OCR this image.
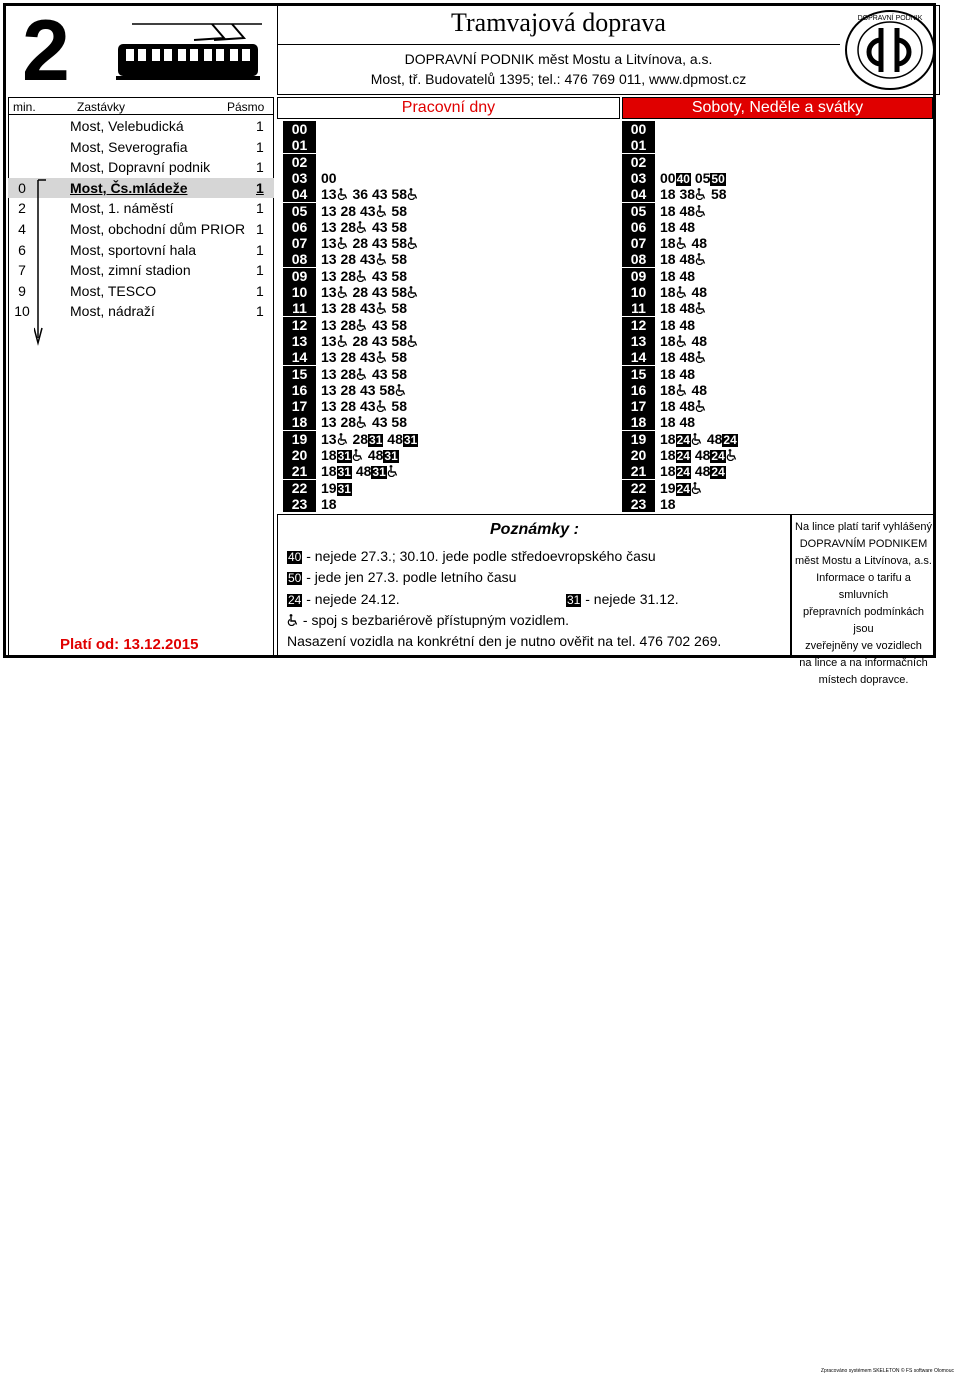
2	Tramvajová doprava
DOPRAVNÍ PODNIK měst Mostu a Litvínova, a.s.
Most, tř. Budovatelů 1395; tel.: 476 769 011, www.dpmost.cz
DOPRAVNÍ PODNIK
min.	Zastávky	Pásmo
Most, Velebudická	1
Most, Severografia	1
Most, Dopravní podnik	1
0	Most, Čs.mládeže	1
2	Most, 1. náměstí	1
4	Most, obchodní dům PRIOR 1
6	Most, sportovní hala	1
7	Most, zimní stadion	1
9	Most, TESCO	1
10	Most, nádraží	1
Platí od: 13.12.2015
Pracovní dny	Soboty, Neděle a svátky
00
01
02
03 00
04 13 36 43 58
05 13 28 43 58
06 13 28 43 58
07 13 28 43 58
08 13 28 43 58
09 13 28 43 58
10 13 28 43 58
11	13 28 43 58
12 13 28 43 58
13 13 28 43 58
14 13 28 43 58
15 13 28 43 58
16 13 28 43 58
17 13 28 43 58
18 13 28 43 58
19 13 2831 4831
20 1831 4831
21 1831 4831
22 1931
23 18
00
01
02
03 0040 0550
04 18 38 58
05 18 48
06 18 48
07 18 48
08 18 48
09 18 48
10 18 48
11	18 48
12 18 48
13 18 48
14 18 48
15 18 48
16 18 48
17 18 48
18 18 48
19 1824 4824
20 1824 4824
21 1824 4824
22 1924
23 18
Poznámky :
40 - nejede 27.3.; 30.10. jede podle středoevropského času
50 - jede jen 27.3. podle letního času
24 - nejede 24.12.	31 - nejede 31.12.
- spoj s bezbariérově přístupným vozidlem.
Nasazení vozidla na konkrétní den je nutno ověřit na tel. 476 702 269.
Na lince platí tarif vyhlášený
DOPRAVNÍM PODNIKEM
měst Mostu a Litvínova, a.s.
Informace o tarifu a smluvních
přepravních podmínkách jsou
zveřejněny ve vozidlech
na lince a na informačních
místech dopravce.
Zpracováno systémem SKELETON © FS software Olomouc
